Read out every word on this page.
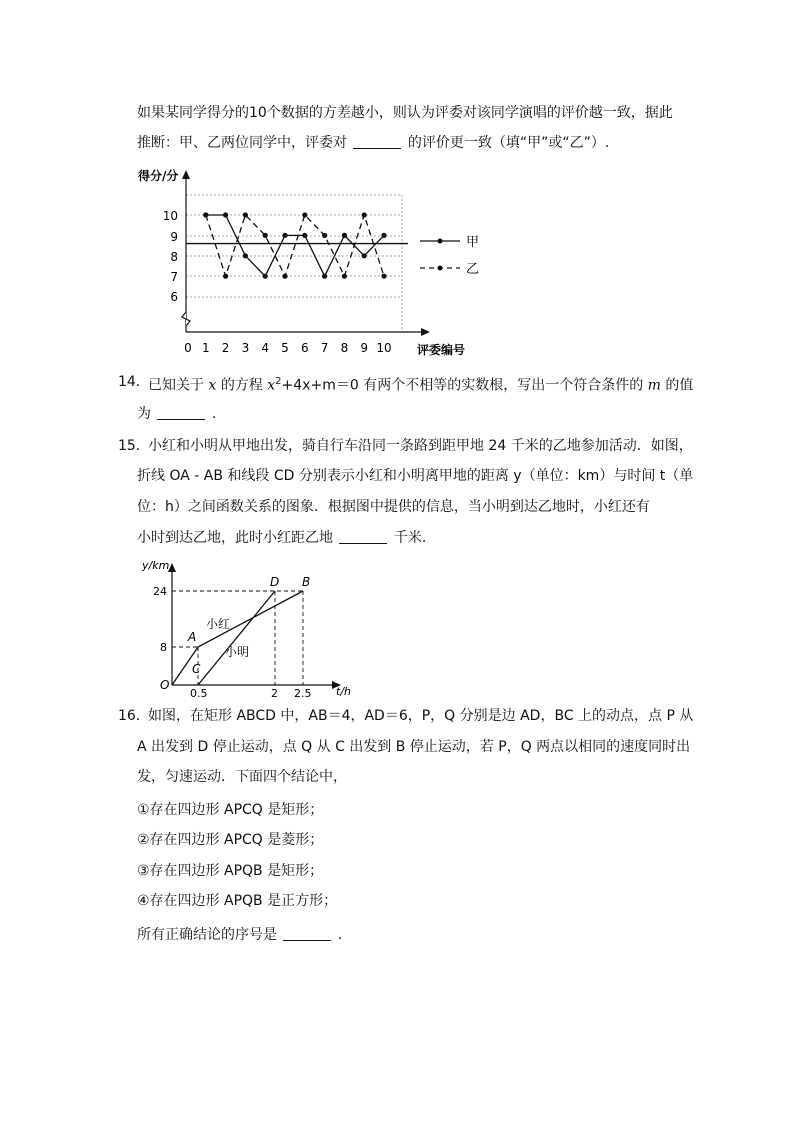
如果某同学得分的10个数据的方差越小，则认为评委对该同学演唱的评价越一致，据此
推断：甲、乙两位同学中，评委对	的评价更一致（填“甲”或“乙”）.
10
9
8
7
6
0 1 2 3 4 5 6 7 8 9 10
得分/分
评委编号
甲
乙
14．
已知关于 x 的方程 $x^2+4x+m=0$ 有两个不相等的实数根，写出一个符合条件的 m 的值
为	.
15．
小红和小明从甲地出发，骑自行车沿同一条路到距甲地 24 千米的乙地参加活动．如图，
折线 OA - AB 和线段 CD 分别表示小红和小明离甲地的距离 y（单位：km）与时间 t（单
位：h）之间函数关系的图象．根据图中提供的信息，当小明到达乙地时，小红还有
小时到达乙地，此时小红距乙地	千米.
y/km
t/h
O
24
8
0.5	2 2.5
A
B
C
D
小红
小明
16．
如图，在矩形 ABCD 中，AB＝4，AD＝6，P，Q 分别是边 AD，BC 上的动点，点 P 从
A 出发到 D 停止运动，点 Q 从 C 出发到 B 停止运动，若 P，Q 两点以相同的速度同时出
发，匀速运动．下面四个结论中，
①存在四边形 APCQ 是矩形；
②存在四边形 APCQ 是菱形；
③存在四边形 APQB 是矩形；
④存在四边形 APQB 是正方形；
所有正确结论的序号是	.
